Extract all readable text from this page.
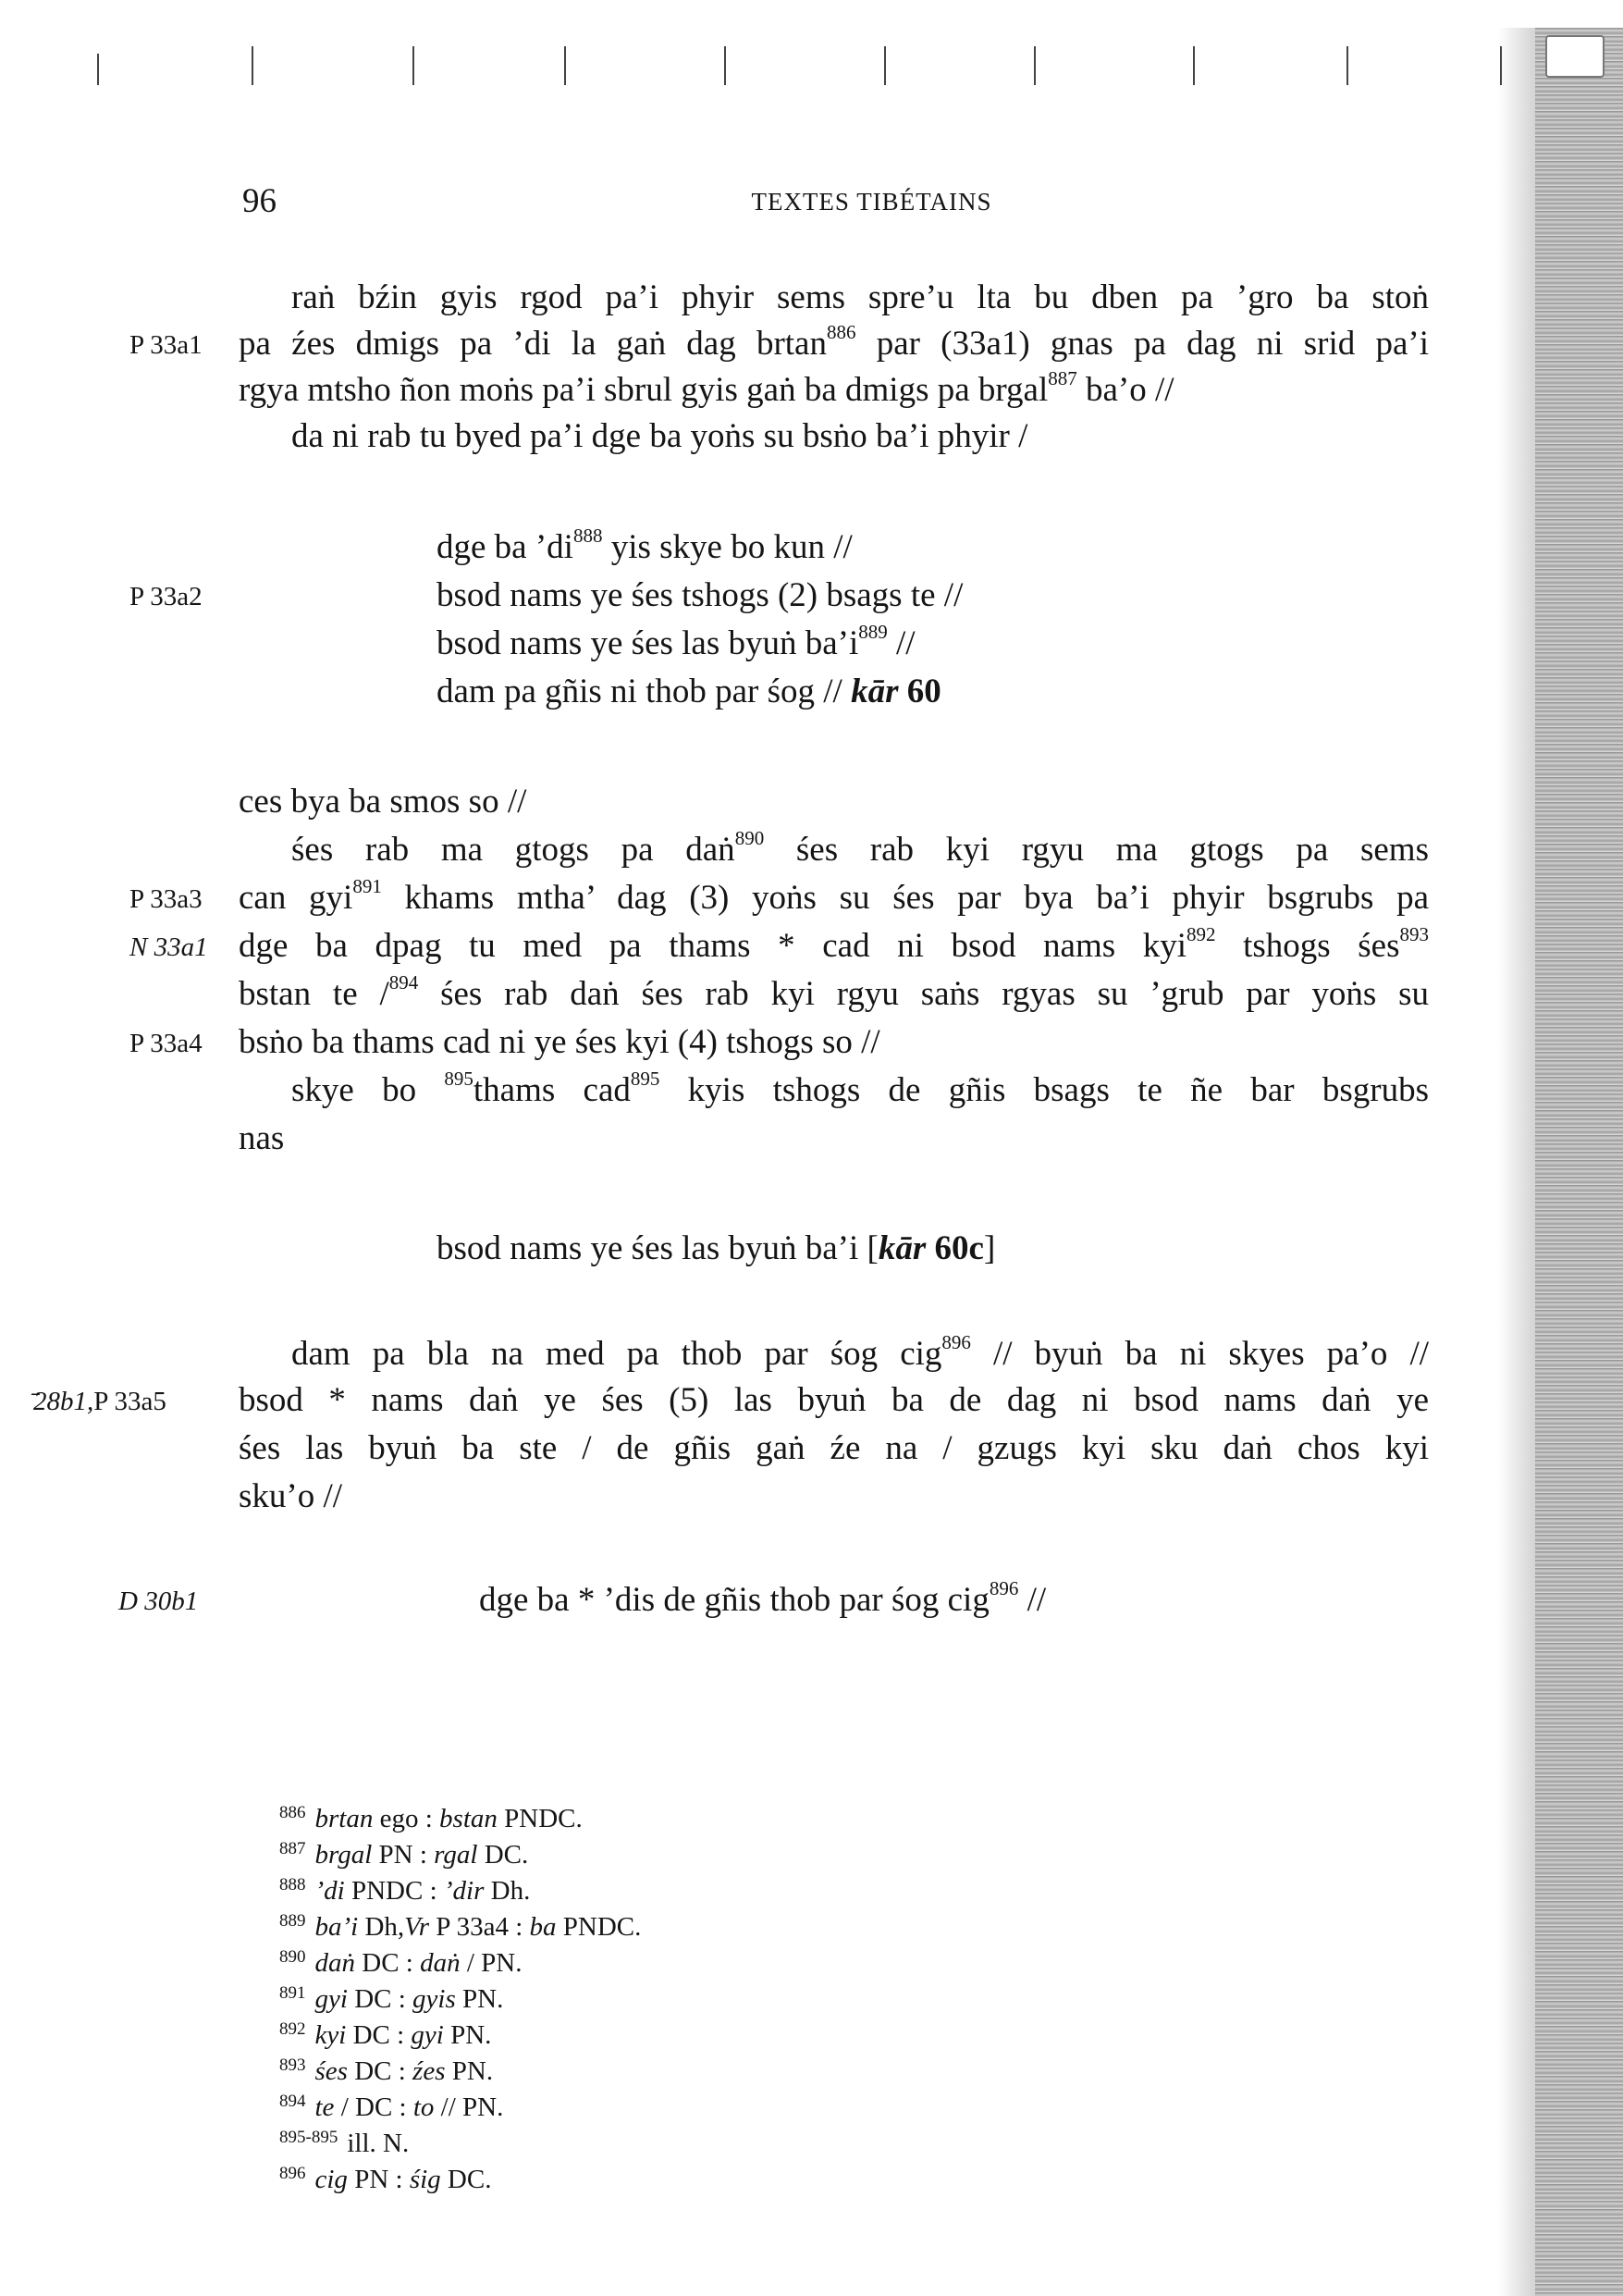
96	TEXTES TIBÉTAINS
raṅ bźin gyis rgod pa’i phyir sems spre’u lta bu dben pa ’gro ba stoṅ
pa źes dmigs pa ’di la gaṅ dag brtan$^{886}$ par (33a1) gnas pa dag ni srid pa’i
rgya mtsho ñon moṅs pa’i sbrul gyis gaṅ ba dmigs pa brgal$^{887}$ ba’o //
da ni rab tu byed pa’i dge ba yoṅs su bsṅo ba’i phyir /
dge ba $’di^{888}$ yis skye bo kun //
bsod nams ye śes tshogs (2) bsags te //
bsod nams ye śes las byuṅ $ba’i^{889}$ //
dam pa gñis ni thob par śog // kār 60
ces bya ba smos so //
śes rab ma gtogs pa daṅ$^{890}$ śes rab kyi rgyu ma gtogs pa sems
can gyi$^{891}$ khams mtha’ dag (3) yoṅs su śes par bya ba’i phyir bsgrubs pa
dge ba dpag tu med pa thams * cad ni bsod nams kyi$^{892}$ tshogs śes$^{893}$
bstan te /$^{894}$ śes rab daṅ śes rab kyi rgyu saṅs rgyas su ’grub par yoṅs su
bsṅo ba thams cad ni ye śes kyi (4) tshogs so //
skye bo $^{895}$thams cad$^{895}$ kyis tshogs de gñis bsags te ñe bar bsgrubs
nas
bsod nams ye śes las byuṅ ba’i [kār 60c]
dam pa bla na med pa thob par śog cig$^{896}$ // byuṅ ba ni skyes pa’o //
bsod * nams daṅ ye śes (5) las byuṅ ba de dag ni bsod nams daṅ ye
śes las byuṅ ba ste / de gñis gaṅ źe na / gzugs kyi sku daṅ chos kyi
sku’o //
dge ba * ’dis de gñis thob par śog cig$^{896}$ //
P 33a1
P 33a2
P 33a3
N 33a1
P 33a4
̄28b1,P 33a5
D 30b1
$^{886}$ brtan ego : bstan PNDC.
$^{887}$ brgal PN : rgal DC.
$^{888}$ ’di PNDC : ’dir Dh.
$^{889}$ ba’i Dh,Vr P 33a4 : ba PNDC.
$^{890}$ daṅ DC : daṅ / PN.
$^{891}$ gyi DC : gyis PN.
$^{892}$ kyi DC : gyi PN.
$^{893}$ śes DC : źes PN.
$^{894}$ te / DC : to // PN.
$^{895-895}$ ill. N.
$^{896}$ cig PN : śig DC.
